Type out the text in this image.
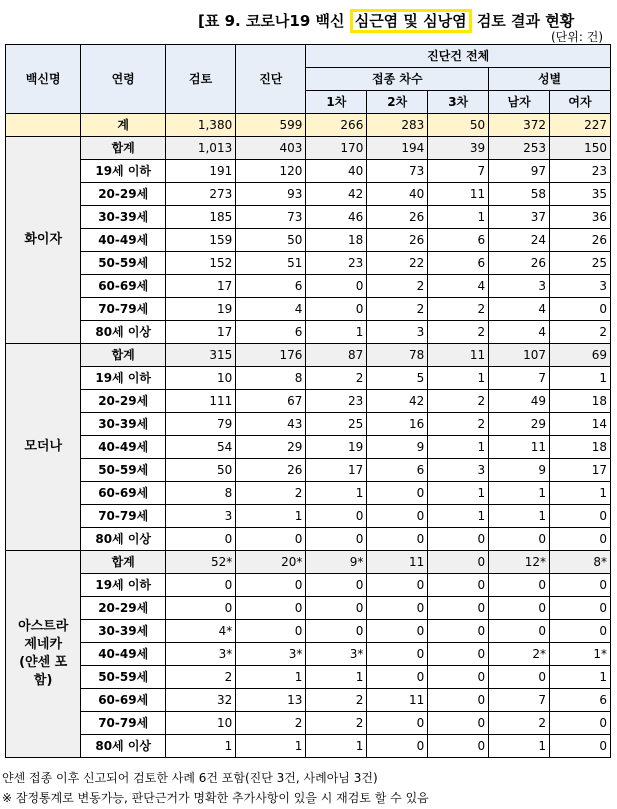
[표 9. 코로나19 백신 심근염 및 심낭염 검토 결과 현황
(단위: 건)
백신명	연령	검토	진단	진단건 전체				
				접종 차수			성별	
				1차	2차	3차	남자	여자
	계	1,380	599	266	283	50	372	227
화이자	합계	1,013	403	170	194	39	253	150
	19세 이하	191	120	40	73	7	97	23
	20-29세	273	93	42	40	11	58	35
	30-39세	185	73	46	26	1	37	36
	40-49세	159	50	18	26	6	24	26
	50-59세	152	51	23	22	6	26	25
	60-69세	17	6	0	2	4	3	3
	70-79세	19	4	0	2	2	4	0
	80세 이상	17	6	1	3	2	4	2
모더나	합계	315	176	87	78	11	107	69
	19세 이하	10	8	2	5	1	7	1
	20-29세	111	67	23	42	2	49	18
	30-39세	79	43	25	16	2	29	14
	40-49세	54	29	19	9	1	11	18
	50-59세	50	26	17	6	3	9	17
	60-69세	8	2	1	0	1	1	1
	70-79세	3	1	0	0	1	1	0
	80세 이상	0	0	0	0	0	0	0

아스트라
제네카
(얀센 포
함)	합계	52*	20*	9*	11	0	12*	8*
	19세 이하	0	0	0	0	0	0	0
	20-29세	0	0	0	0	0	0	0
	30-39세	4*	0	0	0	0	0	0
	40-49세	3*	3*	3*	0	0	2*	1*
	50-59세	2	1	1	0	0	0	1
	60-69세	32	13	2	11	0	7	6
	70-79세	10	2	2	0	0	2	0
	80세 이상	1	1	1	0	0	1	0
얀센 접종 이후 신고되어 검토한 사례 6건 포함(진단 3건, 사례아님 3건)
※ 잠정통계로 변동가능, 판단근거가 명확한 추가사항이 있을 시 재검토 할 수 있음
